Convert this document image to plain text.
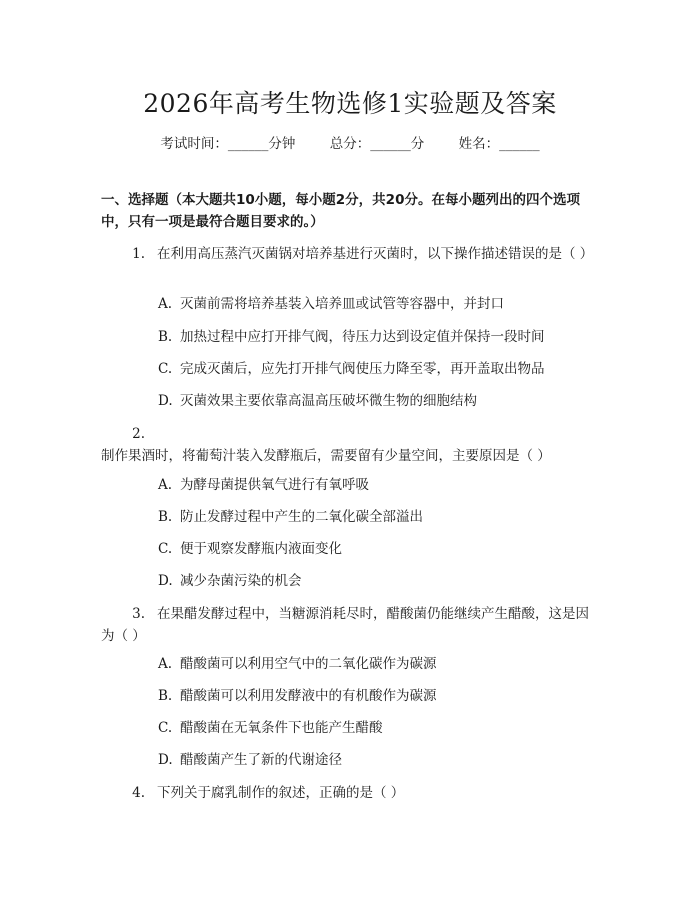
2026年高考生物选修1实验题及答案
考试时间：______分钟	总分：______分	姓名：______
一、选择题（本大题共10小题，每小题2分，共20分。在每小题列出的四个选项中，只有一项是最符合题目要求的。）
1. 在利用高压蒸汽灭菌锅对培养基进行灭菌时，以下操作描述错误的是（ ）
A. 灭菌前需将培养基装入培养皿或试管等容器中，并封口
B. 加热过程中应打开排气阀，待压力达到设定值并保持一段时间
C. 完成灭菌后，应先打开排气阀使压力降至零，再开盖取出物品
D. 灭菌效果主要依靠高温高压破坏微生物的细胞结构
2.制作果酒时，将葡萄汁装入发酵瓶后，需要留有少量空间，主要原因是（ ）
A. 为酵母菌提供氧气进行有氧呼吸
B. 防止发酵过程中产生的二氧化碳全部溢出
C. 便于观察发酵瓶内液面变化
D. 减少杂菌污染的机会
3. 在果醋发酵过程中，当糖源消耗尽时，醋酸菌仍能继续产生醋酸，这是因为（ ）
A. 醋酸菌可以利用空气中的二氧化碳作为碳源
B. 醋酸菌可以利用发酵液中的有机酸作为碳源
C. 醋酸菌在无氧条件下也能产生醋酸
D. 醋酸菌产生了新的代谢途径
4. 下列关于腐乳制作的叙述，正确的是（ ）
